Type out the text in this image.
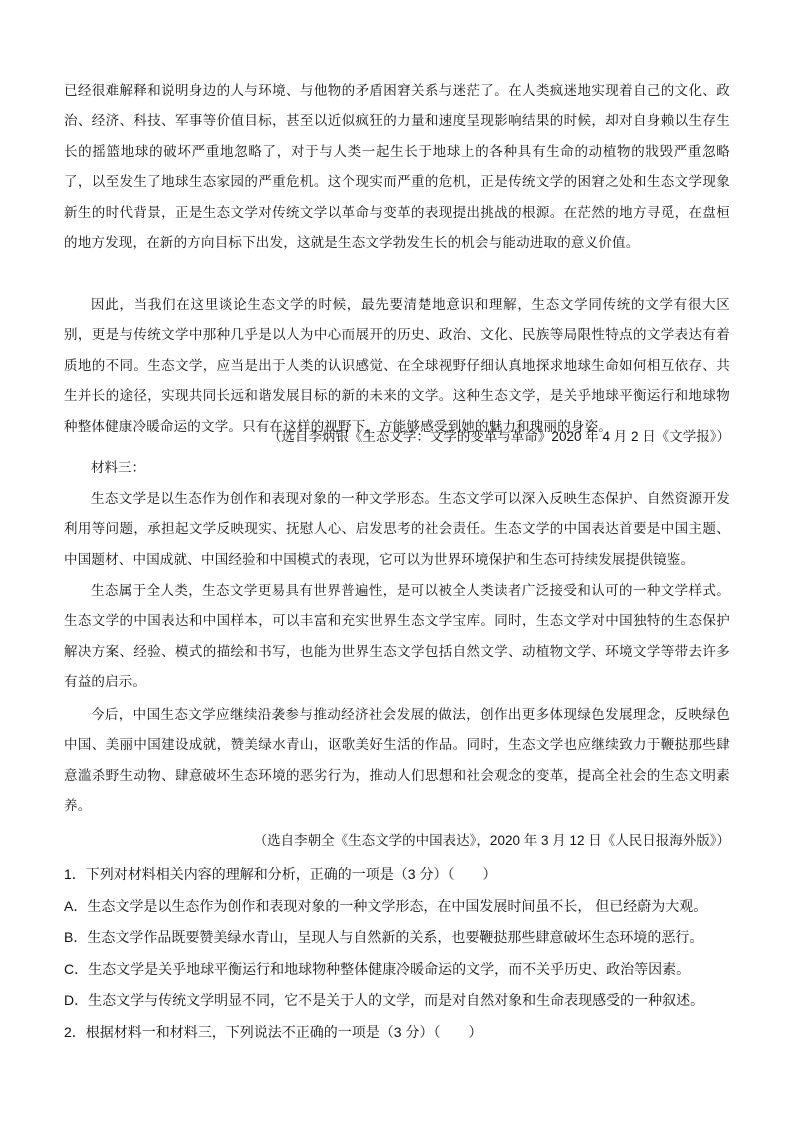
已经很难解释和说明身边的人与环境、与他物的矛盾困窘关系与迷茫了。在人类疯迷地实现着自己的文化、政治、经济、科技、军事等价值目标，甚至以近似疯狂的力量和速度呈现影响结果的时候，却对自身赖以生存生长的摇篮地球的破坏严重地忽略了，对于与人类一起生长于地球上的各种具有生命的动植物的戕毁严重忽略了，以至发生了地球生态家园的严重危机。这个现实而严重的危机，正是传统文学的困窘之处和生态文学现象新生的时代背景，正是生态文学对传统文学以革命与变革的表现提出挑战的根源。在茫然的地方寻觅，在盘桓的地方发现，在新的方向目标下出发，这就是生态文学勃发生长的机会与能动进取的意义价值。

因此，当我们在这里谈论生态文学的时候，最先要清楚地意识和理解，生态文学同传统的文学有很大区别，更是与传统文学中那种几乎是以人为中心而展开的历史、政治、文化、民族等局限性特点的文学表达有着质地的不同。生态文学，应当是出于人类的认识感觉、在全球视野仔细认真地探求地球生命如何相互依存、共生并长的途径，实现共同长远和谐发展目标的新的未来的文学。这种生态文学，是关乎地球平衡运行和地球物种整体健康冷暖命运的文学。只有在这样的视野下，方能够感受到她的魅力和瑰丽的身姿。

（选自李炳银《生态文学：文学的变革与革命》2020 年 4 月 2 日《文学报》）

材料三：

生态文学是以生态作为创作和表现对象的一种文学形态。生态文学可以深入反映生态保护、自然资源开发利用等问题，承担起文学反映现实、抚慰人心、启发思考的社会责任。生态文学的中国表达首要是中国主题、中国题材、中国成就、中国经验和中国模式的表现，它可以为世界环境保护和生态可持续发展提供镜鉴。

生态属于全人类，生态文学更易具有世界普遍性，是可以被全人类读者广泛接受和认可的一种文学样式。生态文学的中国表达和中国样本，可以丰富和充实世界生态文学宝库。同时，生态文学对中国独特的生态保护解决方案、经验、模式的描绘和书写，也能为世界生态文学包括自然文学、动植物文学、环境文学等带去许多有益的启示。

今后，中国生态文学应继续沿袭参与推动经济社会发展的做法，创作出更多体现绿色发展理念，反映绿色中国、美丽中国建设成就，赞美绿水青山，讴歌美好生活的作品。同时，生态文学也应继续致力于鞭挞那些肆意滥杀野生动物、肆意破坏生态环境的恶劣行为，推动人们思想和社会观念的变革，提高全社会的生态文明素养。

（选自李朝全《生态文学的中国表达》，2020 年 3 月 12 日《人民日报海外版》）

1．下列对材料相关内容的理解和分析，正确的一项是（3 分）（　　）

A．生态文学是以生态作为创作和表现对象的一种文学形态，在中国发展时间虽不长， 但已经蔚为大观。

B．生态文学作品既要赞美绿水青山，呈现人与自然新的关系，也要鞭挞那些肆意破坏生态环境的恶行。

C．生态文学是关乎地球平衡运行和地球物种整体健康冷暖命运的文学，而不关乎历史、政治等因素。

D．生态文学与传统文学明显不同，它不是关于人的文学，而是对自然对象和生命表现感受的一种叙述。

2．根据材料一和材料三，下列说法不正确的一项是（3 分）（　　）
